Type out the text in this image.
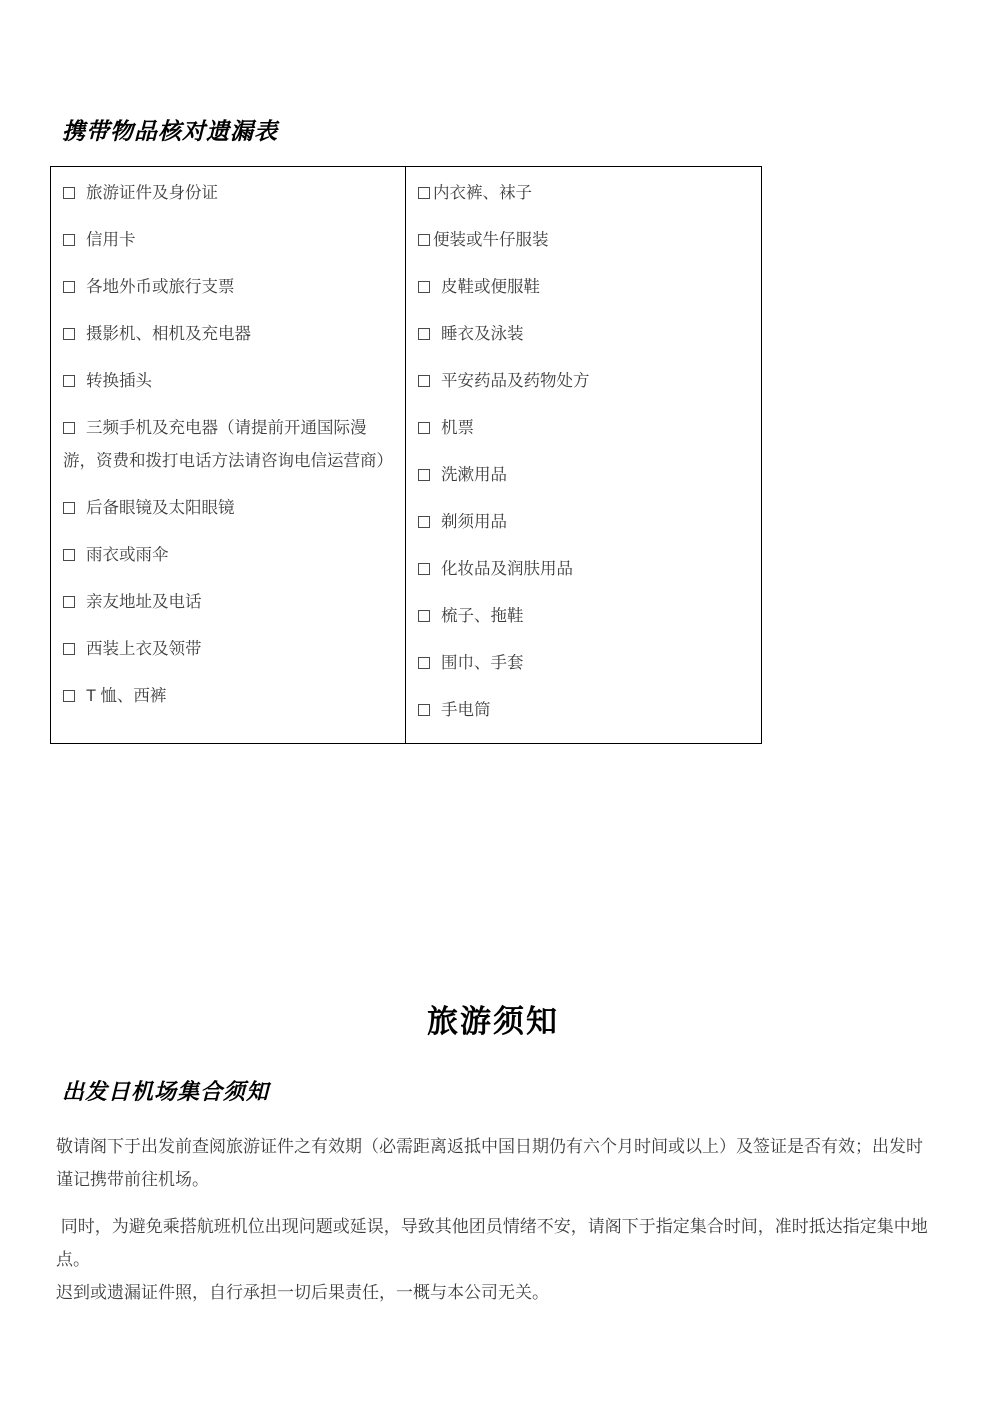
携带物品核对遗漏表

旅游证件及身份证

信用卡

各地外币或旅行支票

摄影机、相机及充电器

转换插头

三频手机及充电器（请提前开通国际漫游，资费和拨打电话方法请咨询电信运营商）

后备眼镜及太阳眼镜

雨衣或雨伞

亲友地址及电话

西装上衣及领带

T 恤、西裤

内衣裤、袜子

便装或牛仔服装

皮鞋或便服鞋

睡衣及泳装

平安药品及药物处方

机票

洗漱用品

剃须用品

化妆品及润肤用品

梳子、拖鞋

围巾、手套

手电筒

旅游须知
出发日机场集合须知

敬请阁下于出发前查阅旅游证件之有效期（必需距离返抵中国日期仍有六个月时间或以上）及签证是否有效；出发时谨记携带前往机场。

同时，为避免乘搭航班机位出现问题或延误，导致其他团员情绪不安，请阁下于指定集合时间，准时抵达指定集中地点。

迟到或遗漏证件照，自行承担一切后果责任，一概与本公司无关。
